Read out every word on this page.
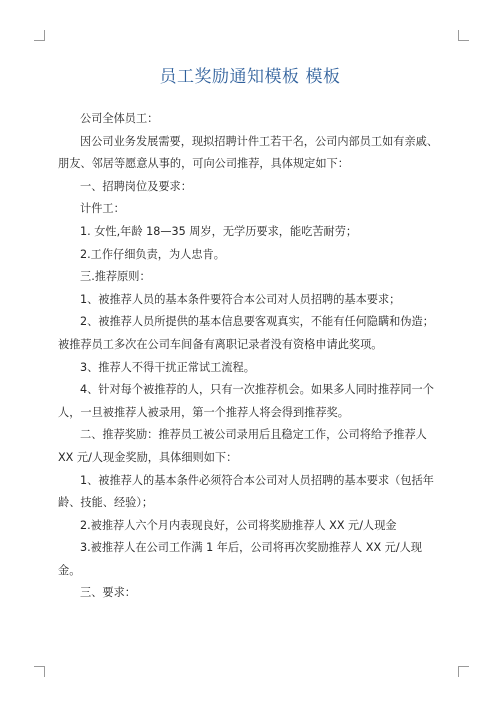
员工奖励通知模板 模板

公司全体员工：

因公司业务发展需要，现拟招聘计件工若干名，公司内部员工如有亲戚、朋友、邻居等愿意从事的，可向公司推荐，具体规定如下：

一、招聘岗位及要求：

计件工：

1. 女性,年龄 18—35 周岁，无学历要求，能吃苦耐劳；

2.工作仔细负责，为人忠肯。

三.推荐原则：

1、被推荐人员的基本条件要符合本公司对人员招聘的基本要求；

2、被推荐人员所提供的基本信息要客观真实，不能有任何隐瞒和伪造；被推荐员工多次在公司车间备有离职记录者没有资格申请此奖项。

3、推荐人不得干扰正常试工流程。

4、针对每个被推荐的人，只有一次推荐机会。如果多人同时推荐同一个人，一旦被推荐人被录用，第一个推荐人将会得到推荐奖。

二、推荐奖励：推荐员工被公司录用后且稳定工作，公司将给予推荐人 XX 元/人现金奖励，具体细则如下：

1、被推荐人的基本条件必须符合本公司对人员招聘的基本要求（包括年龄、技能、经验）；

2.被推荐人六个月内表现良好，公司将奖励推荐人 XX 元/人现金

3.被推荐人在公司工作满 1 年后，公司将再次奖励推荐人 XX 元/人现金。

三、要求：
